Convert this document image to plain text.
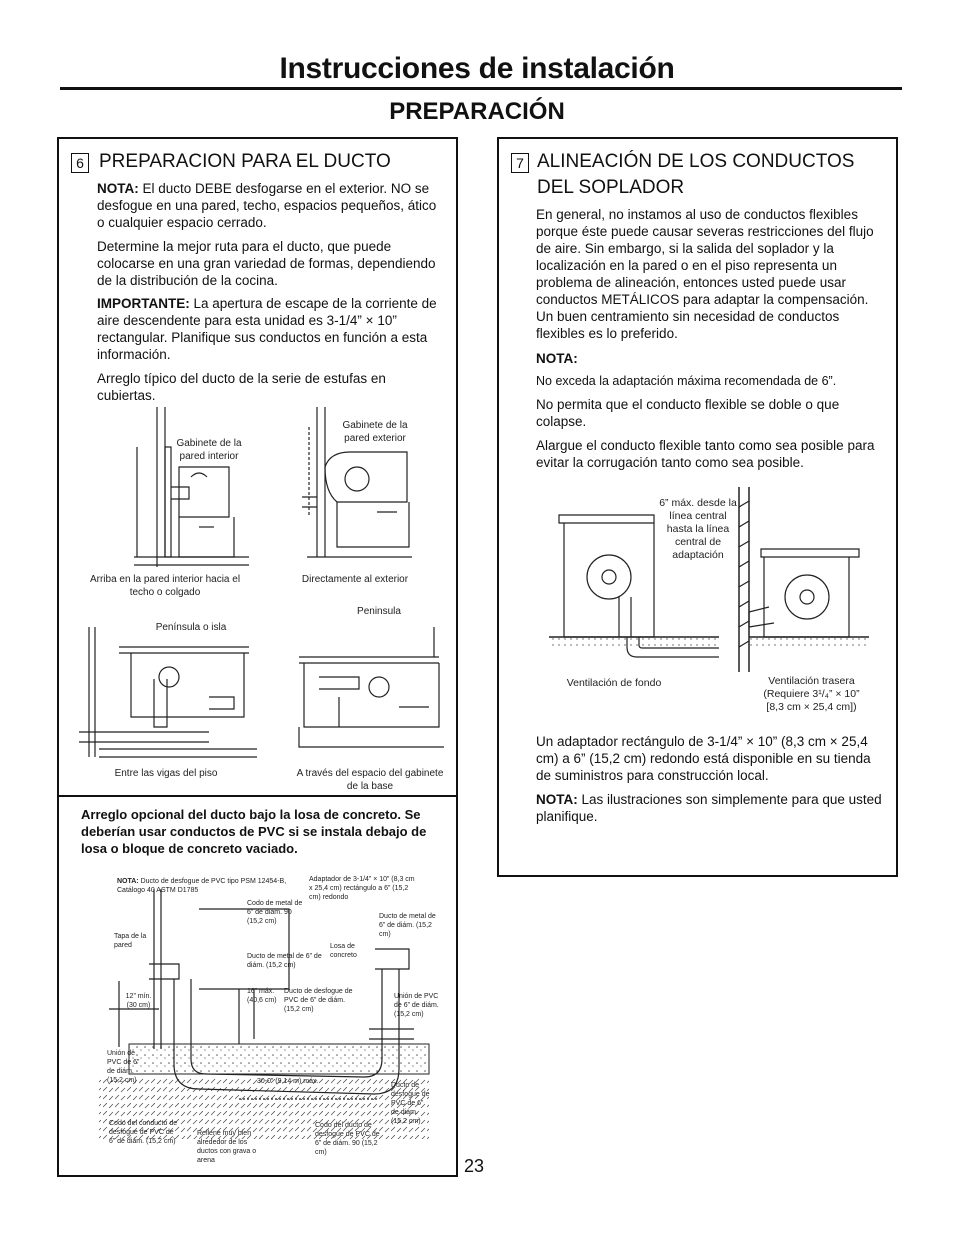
Instrucciones de instalación
PREPARACIÓN
6 PREPARACION PARA EL DUCTO

NOTA: El ducto DEBE desfogarse en el exterior. NO se desfogue en una pared, techo, espacios pequeños, ático o cualquier espacio cerrado.

Determine la mejor ruta para el ducto, que puede colocarse en una gran variedad de formas, dependiendo de la distribución de la cocina.

IMPORTANTE: La apertura de escape de la corriente de aire descendente para esta unidad es 3-1/4” × 10” rectangular. Planifique sus conductos en función a esta información.

Arreglo típico del ducto de la serie de estufas en cubiertas.

Gabinete de la pared interior
Arriba en la pared interior hacia el techo o colgado
Gabinete de la pared exterior
Directamente al exterior
Península o isla
Entre las vigas del piso
Peninsula
A través del espacio del gabinete de la base

Arreglo opcional del ducto bajo la losa de concreto. Se deberían usar conductos de PVC si se instala debajo de losa o bloque de concreto vaciado.

NOTA: Ducto de desfogue de PVC tipo PSM 12454-B, Catálogo 40 ASTM D1785
Adaptador de 3-1/4” × 10” (8,3 cm x 25,4 cm) rectángulo a 6” (15,2 cm) redondo
Codo de metal de 6” de diám. 90 (15,2 cm)
Ducto de metal de 6” de diám. (15,2 cm)
Tapa de la pared
Ducto de metal de 6” de diám. (15,2 cm)
Losa de concreto
12” mín. (30 cm)
16” máx. (40,6 cm)
Ducto de desfogue de PVC de 6” de diám. (15,2 cm)
Unión de PVC de 6” de diám. (15,2 cm)
Unión de PVC de 6” de diám. (15,2 cm)	30-0” (9,14 m) máx.
Ducto de desfogue de PVC de 6” de diám. (15,2 cm)
Codo del conducto de desfogue de PVC de 6” de diám. (15,2 cm)
Rellene muy bien alrededor de los ductos con grava o arena
Codo del ducto de desfogue de PVC de 6” de diám. 90 (15,2 cm)
7 ALINEACIÓN DE LOS CONDUCTOS DEL SOPLADOR

En general, no instamos al uso de conductos flexibles porque éste puede causar severas restricciones del flujo de aire. Sin embargo, si la salida del soplador y la localización en la pared o en el piso representa un problema de alineación, entonces usted puede usar conductos METÁLICOS para adaptar la compensación. Un buen centramiento sin necesidad de conductos flexibles es lo preferido.

NOTA:

No exceda la adaptación máxima recomendada de 6”.

No permita que el conducto flexible se doble o que colapse.

Alargue el conducto flexible tanto como sea posible para evitar la corrugación tanto como sea posible.

6” máx. desde la línea central hasta la línea central de adaptación
Ventilación de fondo	Ventilación trasera (Requiere 3¹/₄” × 10” [8,3 cm × 25,4 cm])

Un adaptador rectángulo de 3-1/4” × 10” (8,3 cm × 25,4 cm) a 6” (15,2 cm) redondo está disponible en su tienda de suministros para construcción local.

NOTA: Las ilustraciones son simplemente para que usted planifique.

23
